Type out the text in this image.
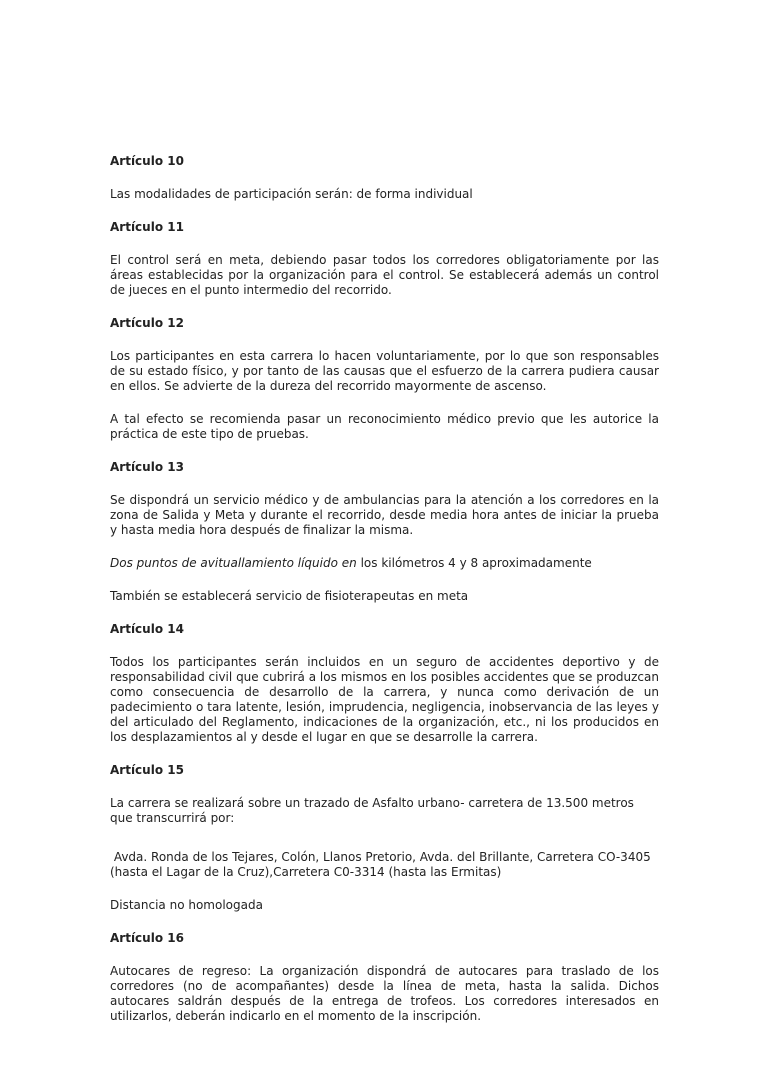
Artículo 10

Las modalidades de participación serán: de forma individual

Artículo 11

El control será en meta, debiendo pasar todos los corredores obligatoriamente por las áreas establecidas por la organización para el control. Se establecerá además un control de jueces en el punto intermedio del recorrido.

Artículo 12

Los participantes en esta carrera lo hacen voluntariamente, por lo que son responsables de su estado físico, y por tanto de las causas que el esfuerzo de la carrera pudiera causar en ellos. Se advierte de la dureza del recorrido mayormente de ascenso.

A tal efecto se recomienda pasar un reconocimiento médico previo que les autorice la práctica de este tipo de pruebas.

Artículo 13

Se dispondrá un servicio médico y de ambulancias para la atención a los corredores en la zona de Salida y Meta y durante el recorrido, desde media hora antes de iniciar la prueba y hasta media hora después de finalizar la misma.

Dos puntos de avituallamiento líquido en los kilómetros 4 y 8 aproximadamente

También se establecerá servicio de fisioterapeutas en meta

Artículo 14

Todos los participantes serán incluidos en un seguro de accidentes deportivo y de responsabilidad civil que cubrirá a los mismos en los posibles accidentes que se produzcan como consecuencia de desarrollo de la carrera, y nunca como derivación de un padecimiento o tara latente, lesión, imprudencia, negligencia, inobservancia de las leyes y del articulado del Reglamento, indicaciones de la organización, etc., ni los producidos en los desplazamientos al y desde el lugar en que se desarrolle la carrera.

Artículo 15

La carrera se realizará sobre un trazado de Asfalto urbano- carretera de 13.500 metros que transcurrirá por:

Avda. Ronda de los Tejares, Colón, Llanos Pretorio, Avda. del Brillante, Carretera CO-3405 (hasta el Lagar de la Cruz),Carretera C0-3314 (hasta las Ermitas)

Distancia no homologada

Artículo 16

Autocares de regreso: La organización dispondrá de autocares para traslado de los corredores (no de acompañantes) desde la línea de meta, hasta la salida. Dichos autocares saldrán después de la entrega de trofeos. Los corredores interesados en utilizarlos, deberán indicarlo en el momento de la inscripción.
